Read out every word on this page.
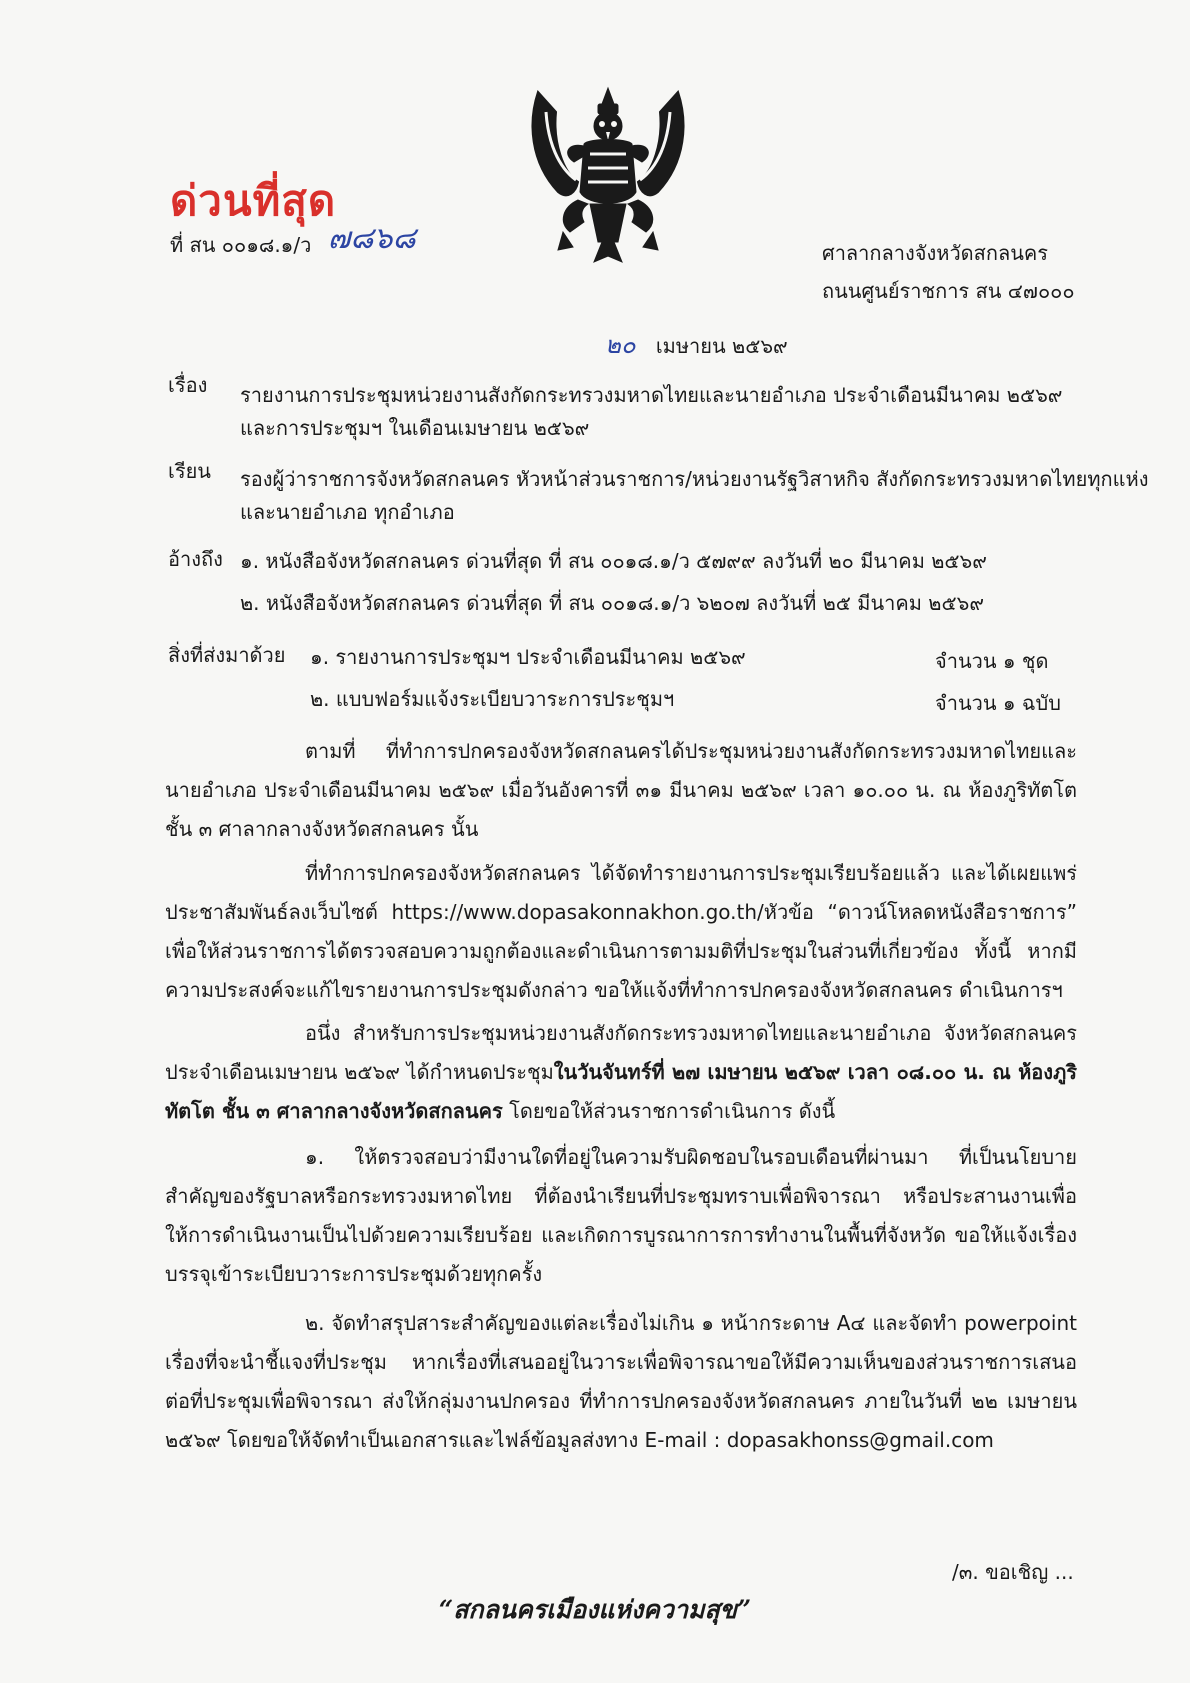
ด่วนที่สุด
ที่ สน ๐๐๑๘.๑/ว ๗๘๖๘	ศาลากลางจังหวัดสกลนคร
ถนนศูนย์ราชการ สน ๔๗๐๐๐
๒๐ เมษายน ๒๕๖๙
เรื่อง รายงานการประชุมหน่วยงานสังกัดกระทรวงมหาดไทยและนายอำเภอ ประจำเดือนมีนาคม ๒๕๖๙
และการประชุมฯ ในเดือนเมษายน ๒๕๖๙
เรียน รองผู้ว่าราชการจังหวัดสกลนคร หัวหน้าส่วนราชการ/หน่วยงานรัฐวิสาหกิจ สังกัดกระทรวงมหาดไทยทุกแห่ง
และนายอำเภอ ทุกอำเภอ
อ้างถึง ๑. หนังสือจังหวัดสกลนคร ด่วนที่สุด ที่ สน ๐๐๑๘.๑/ว ๕๗๙๙ ลงวันที่ ๒๐ มีนาคม ๒๕๖๙
๒. หนังสือจังหวัดสกลนคร ด่วนที่สุด ที่ สน ๐๐๑๘.๑/ว ๖๒๐๗ ลงวันที่ ๒๕ มีนาคม ๒๕๖๙
สิ่งที่ส่งมาด้วย ๑. รายงานการประชุมฯ ประจำเดือนมีนาคม ๒๕๖๙	จำนวน ๑ ชุด
๒. แบบฟอร์มแจ้งระเบียบวาระการประชุมฯ	จำนวน ๑ ฉบับ
ตามที่ ที่ทำการปกครองจังหวัดสกลนครได้ประชุมหน่วยงานสังกัดกระทรวงมหาดไทยและนายอำเภอ ประจำเดือนมีนาคม ๒๕๖๙ เมื่อวันอังคารที่ ๓๑ มีนาคม ๒๕๖๙ เวลา ๑๐.๐๐ น. ณ ห้องภูริทัตโต ชั้น ๓ ศาลากลางจังหวัดสกลนคร นั้น
ที่ทำการปกครองจังหวัดสกลนคร ได้จัดทำรายงานการประชุมเรียบร้อยแล้ว และได้เผยแพร่ประชาสัมพันธ์ลงเว็บไซต์ https://www.dopasakonnakhon.go.th/หัวข้อ “ดาวน์โหลดหนังสือราชการ” เพื่อให้ส่วนราชการได้ตรวจสอบความถูกต้องและดำเนินการตามมติที่ประชุมในส่วนที่เกี่ยวข้อง ทั้งนี้ หากมีความประสงค์จะแก้ไขรายงานการประชุมดังกล่าว ขอให้แจ้งที่ทำการปกครองจังหวัดสกลนคร ดำเนินการฯ
อนึ่ง สำหรับการประชุมหน่วยงานสังกัดกระทรวงมหาดไทยและนายอำเภอ จังหวัดสกลนคร ประจำเดือนเมษายน ๒๕๖๙ ได้กำหนดประชุมในวันจันทร์ที่ ๒๗ เมษายน ๒๕๖๙ เวลา ๐๘.๐๐ น. ณ ห้องภูริทัตโต ชั้น ๓ ศาลากลางจังหวัดสกลนคร โดยขอให้ส่วนราชการดำเนินการ ดังนี้
๑. ให้ตรวจสอบว่ามีงานใดที่อยู่ในความรับผิดชอบในรอบเดือนที่ผ่านมา ที่เป็นนโยบายสำคัญของรัฐบาลหรือกระทรวงมหาดไทย ที่ต้องนำเรียนที่ประชุมทราบเพื่อพิจารณา หรือประสานงานเพื่อให้การดำเนินงานเป็นไปด้วยความเรียบร้อย และเกิดการบูรณาการการทำงานในพื้นที่จังหวัด ขอให้แจ้งเรื่องบรรจุเข้าระเบียบวาระการประชุมด้วยทุกครั้ง
๒. จัดทำสรุปสาระสำคัญของแต่ละเรื่องไม่เกิน ๑ หน้ากระดาษ A๔ และจัดทำ powerpoint เรื่องที่จะนำชี้แจงที่ประชุม หากเรื่องที่เสนออยู่ในวาระเพื่อพิจารณาขอให้มีความเห็นของส่วนราชการเสนอต่อที่ประชุมเพื่อพิจารณา ส่งให้กลุ่มงานปกครอง ที่ทำการปกครองจังหวัดสกลนคร ภายในวันที่ ๒๒ เมษายน ๒๕๖๙ โดยขอให้จัดทำเป็นเอกสารและไฟล์ข้อมูลส่งทาง E-mail : dopasakhonss@gmail.com
/๓. ขอเชิญ ...
“สกลนครเมืองแห่งความสุข”
